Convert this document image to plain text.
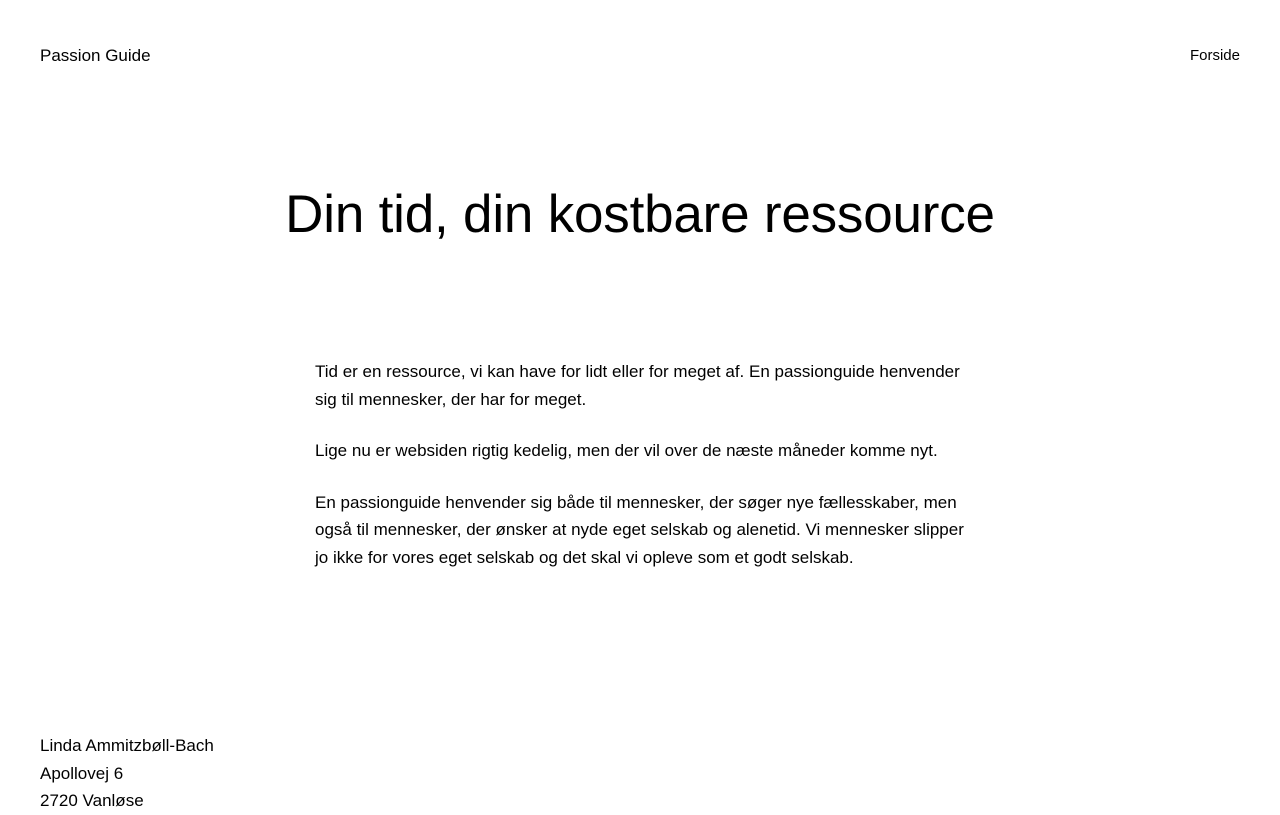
Passion Guide	Forside
Din tid, din kostbare ressource

Tid er en ressource, vi kan have for lidt eller for meget af. En passionguide henvender sig til mennesker, der har for meget.

Lige nu er websiden rigtig kedelig, men der vil over de næste måneder komme nyt.

En passionguide henvender sig både til mennesker, der søger nye fællesskaber, men også til mennesker, der ønsker at nyde eget selskab og alenetid. Vi mennesker slipper jo ikke for vores eget selskab og det skal vi opleve som et godt selskab.

Linda Ammitzbøll-Bach
Apollovej 6
2720 Vanløse
